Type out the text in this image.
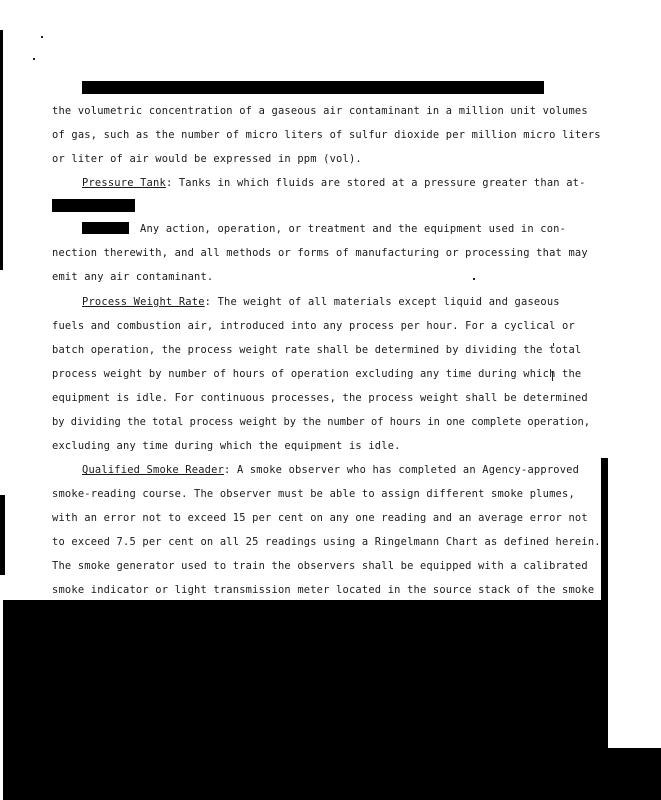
the volumetric concentration of a gaseous air contaminant in a million unit volumes
of gas, such as the number of micro liters of sulfur dioxide per million micro liters
or liter of air would be expressed in ppm (vol).
Pressure Tank: Tanks in which fluids are stored at a pressure greater than at-
Any action, operation, or treatment and the equipment used in con-
nection therewith, and all methods or forms of manufacturing or processing that may
emit any air contaminant.
Process Weight Rate: The weight of all materials except liquid and gaseous
fuels and combustion air, introduced into any process per hour. For a cyclical or
batch operation, the process weight rate shall be determined by dividing the total
process weight by number of hours of operation excluding any time during which the
equipment is idle. For continuous processes, the process weight shall be determined
by dividing the total process weight by the number of hours in one complete operation,
excluding any time during which the equipment is idle.
Qualified Smoke Reader: A smoke observer who has completed an Agency-approved
smoke-reading course. The observer must be able to assign different smoke plumes,
with an error not to exceed 15 per cent on any one reading and an average error not
to exceed 7.5 per cent on all 25 readings using a Ringelmann Chart as defined herein.
The smoke generator used to train the observers shall be equipped with a calibrated
smoke indicator or light transmission meter located in the source stack of the smoke
